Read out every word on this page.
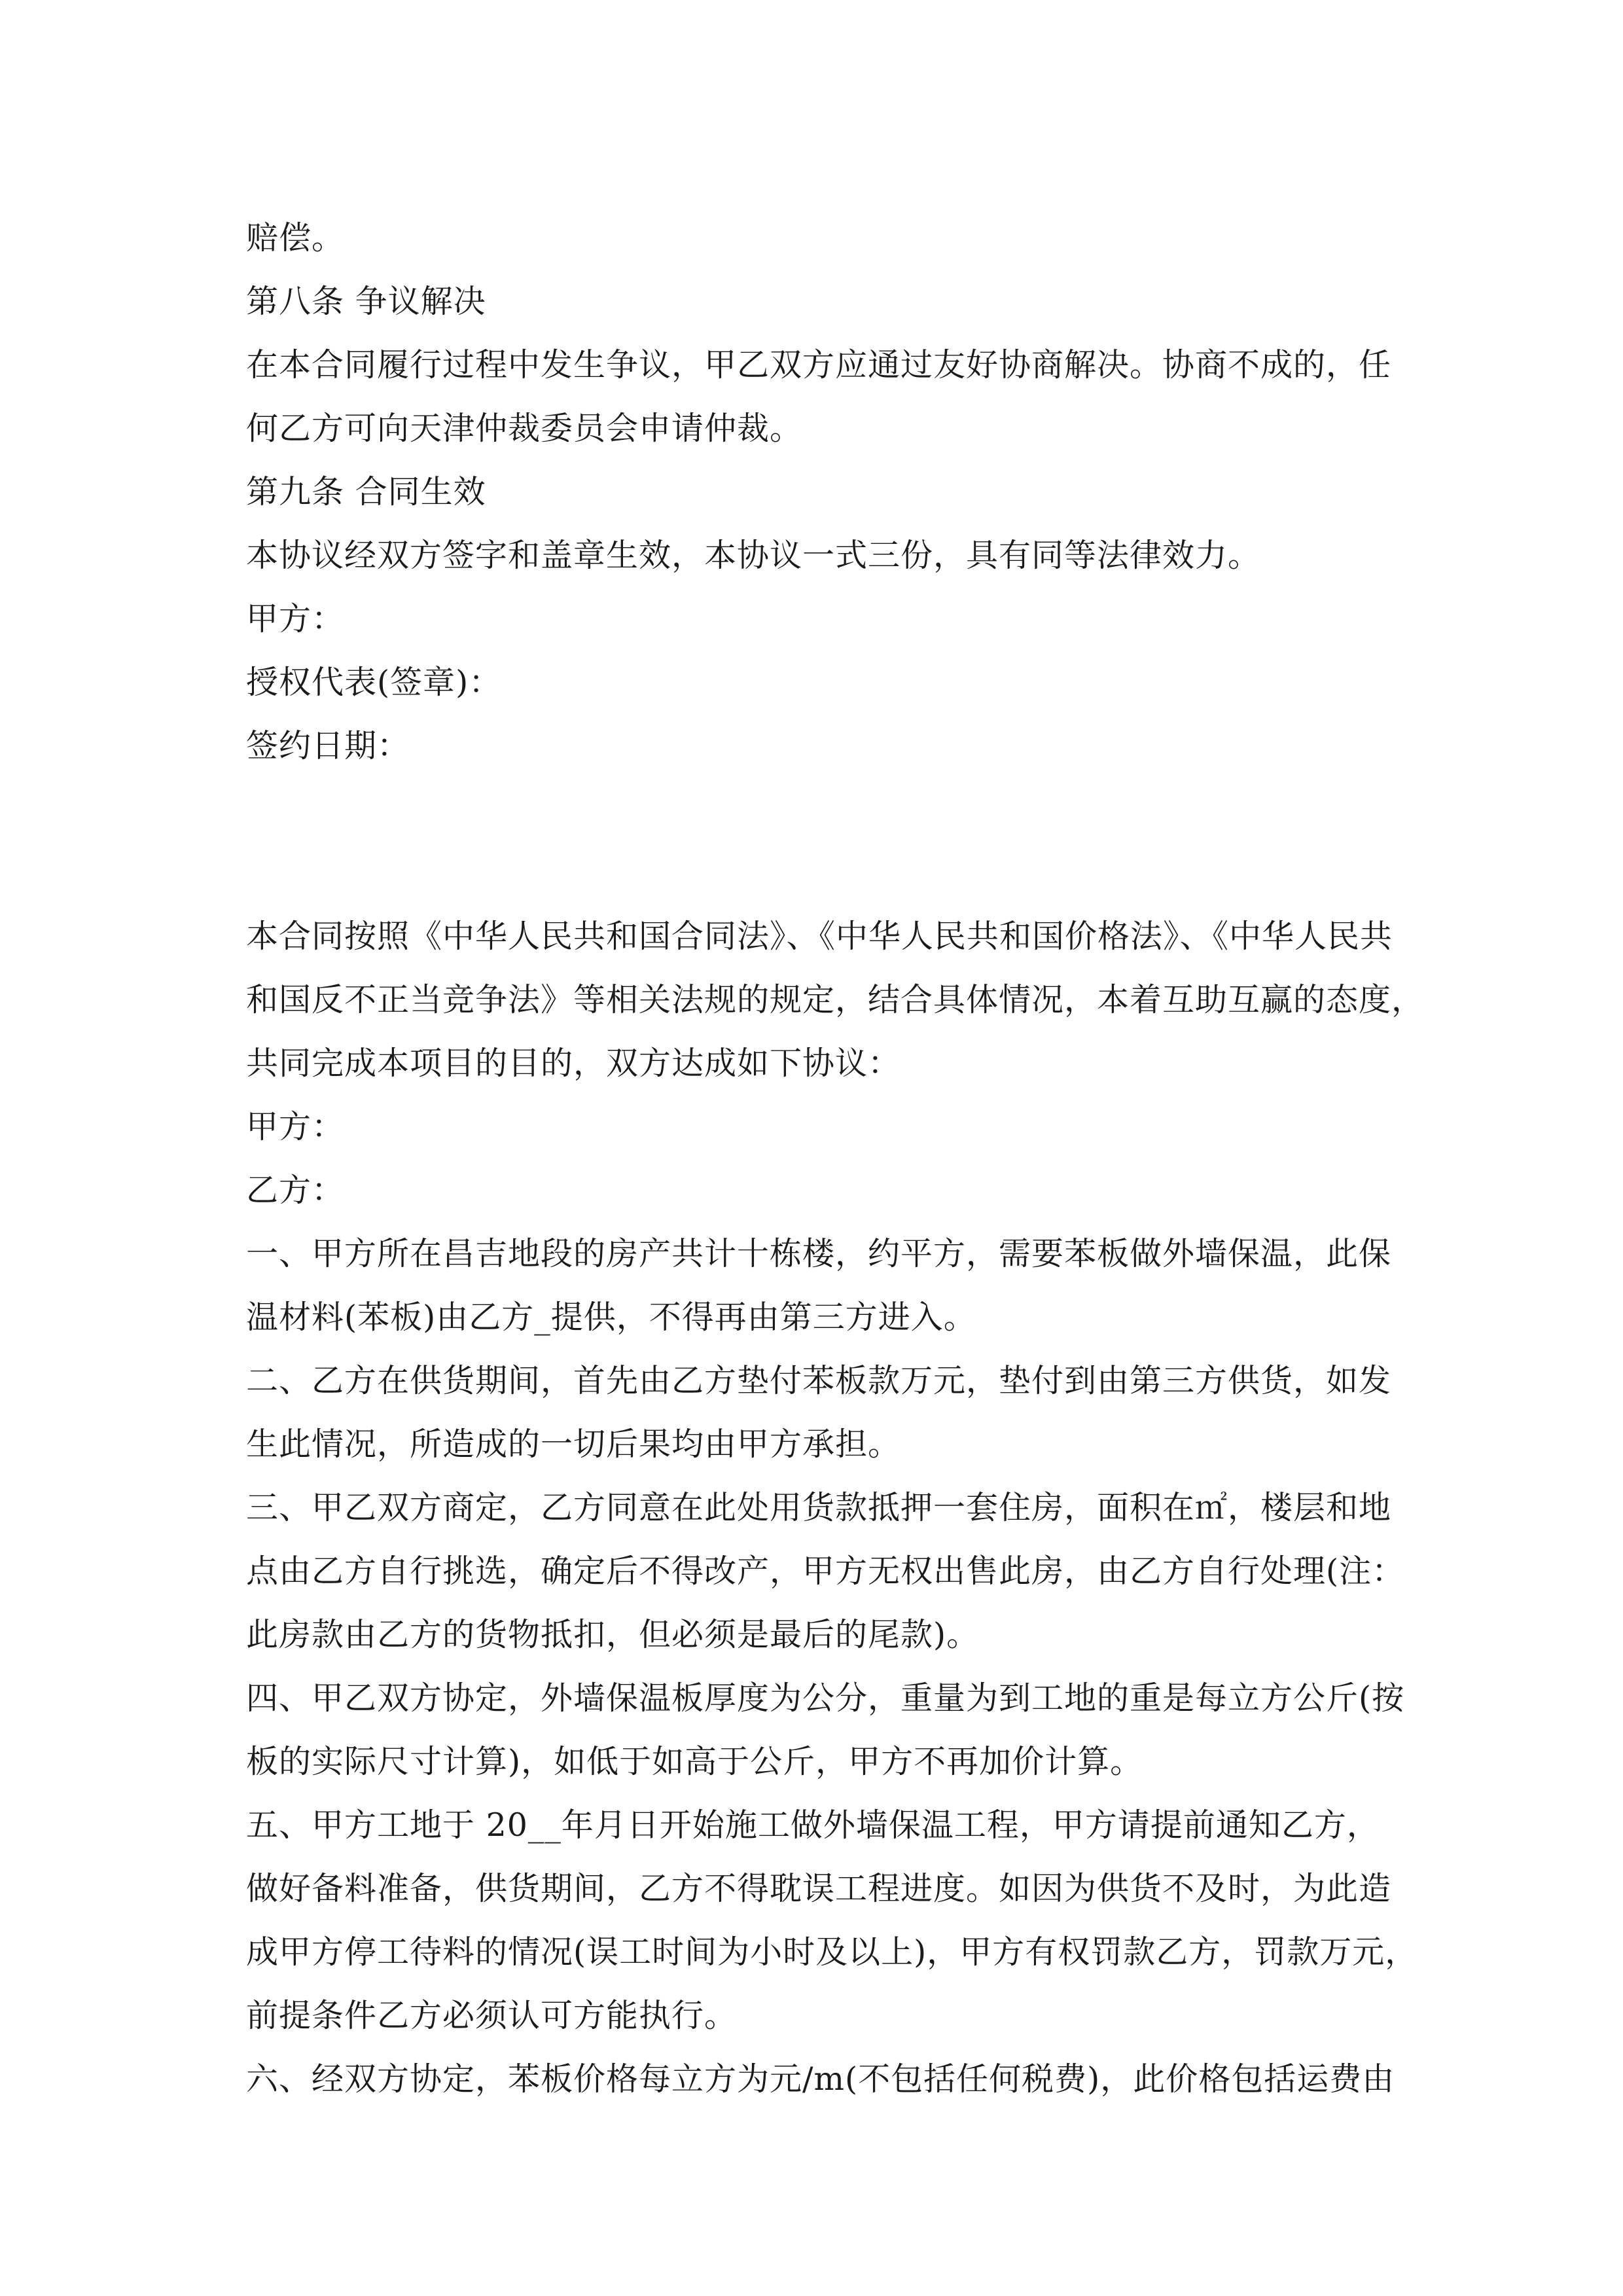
赔偿。
第八条 争议解决
在本合同履行过程中发生争议，甲乙双方应通过友好协商解决。协商不成的，任
何乙方可向天津仲裁委员会申请仲裁。
第九条 合同生效
本协议经双方签字和盖章生效，本协议一式三份，具有同等法律效力。
甲方：
授权代表(签章)：
签约日期：
本合同按照《中华人民共和国合同法》、《中华人民共和国价格法》、《中华人民共
和国反不正当竞争法》等相关法规的规定，结合具体情况，本着互助互赢的态度，
共同完成本项目的目的，双方达成如下协议：
甲方：
乙方：
一、甲方所在昌吉地段的房产共计十栋楼，约平方，需要苯板做外墙保温，此保
温材料(苯板)由乙方_提供，不得再由第三方进入。
二、乙方在供货期间，首先由乙方垫付苯板款万元，垫付到由第三方供货，如发
生此情况，所造成的一切后果均由甲方承担。
三、甲乙双方商定，乙方同意在此处用货款抵押一套住房，面积在㎡，楼层和地
点由乙方自行挑选，确定后不得改产，甲方无权出售此房，由乙方自行处理(注：
此房款由乙方的货物抵扣，但必须是最后的尾款)。
四、甲乙双方协定，外墙保温板厚度为公分，重量为到工地的重是每立方公斤(按
板的实际尺寸计算)，如低于如高于公斤，甲方不再加价计算。
五、甲方工地于 20__年月日开始施工做外墙保温工程，甲方请提前通知乙方，
做好备料准备，供货期间，乙方不得耽误工程进度。如因为供货不及时，为此造
成甲方停工待料的情况(误工时间为小时及以上)，甲方有权罚款乙方，罚款万元，
前提条件乙方必须认可方能执行。
六、经双方协定，苯板价格每立方为元/m(不包括任何税费)，此价格包括运费由
